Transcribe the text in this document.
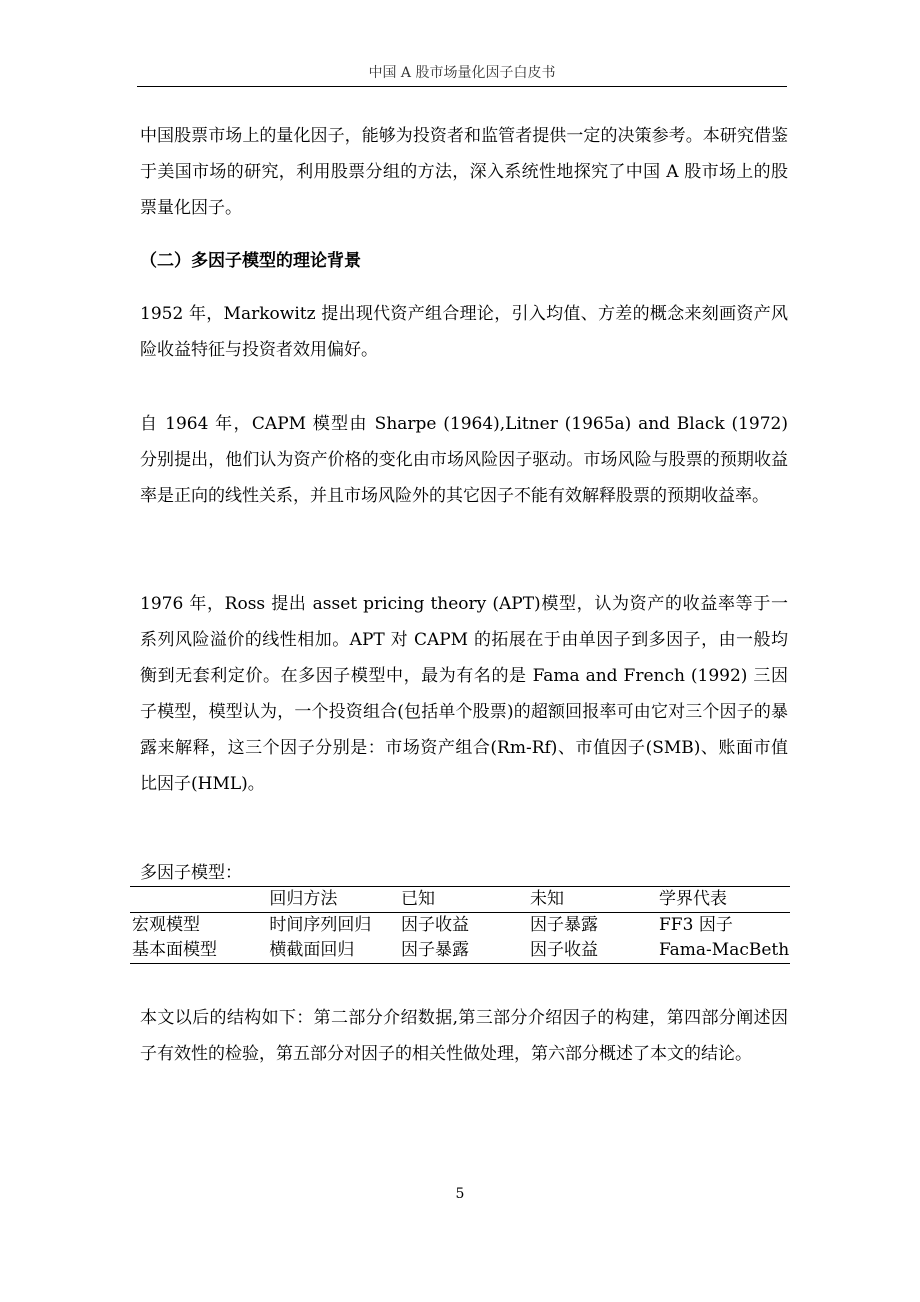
中国 A 股市场量化因子白皮书

中国股票市场上的量化因子，能够为投资者和监管者提供一定的决策参考。本研究借鉴于美国市场的研究，利用股票分组的方法，深入系统性地探究了中国 A 股市场上的股票量化因子。

（二）多因子模型的理论背景

1952 年，Markowitz 提出现代资产组合理论，引入均值、方差的概念来刻画资产风险收益特征与投资者效用偏好。

自 1964 年，CAPM 模型由 Sharpe (1964),Litner (1965a) and Black (1972) 分别提出，他们认为资产价格的变化由市场风险因子驱动。市场风险与股票的预期收益率是正向的线性关系，并且市场风险外的其它因子不能有效解释股票的预期收益率。

1976 年，Ross 提出 asset pricing theory (APT)模型，认为资产的收益率等于一系列风险溢价的线性相加。APT 对 CAPM 的拓展在于由单因子到多因子，由一般均衡到无套利定价。在多因子模型中，最为有名的是 Fama and French (1992) 三因子模型，模型认为，一个投资组合(包括单个股票)的超额回报率可由它对三个因子的暴露来解释，这三个因子分别是：市场资产组合(Rm-Rf)、市值因子(SMB)、账面市值比因子(HML)。

多因子模型：

	回归方法	已知	未知	学界代表
宏观模型	时间序列回归	因子收益	因子暴露	FF3 因子
基本面模型	横截面回归	因子暴露	因子收益	Fama-MacBeth

本文以后的结构如下：第二部分介绍数据,第三部分介绍因子的构建，第四部分阐述因子有效性的检验，第五部分对因子的相关性做处理，第六部分概述了本文的结论。

5
